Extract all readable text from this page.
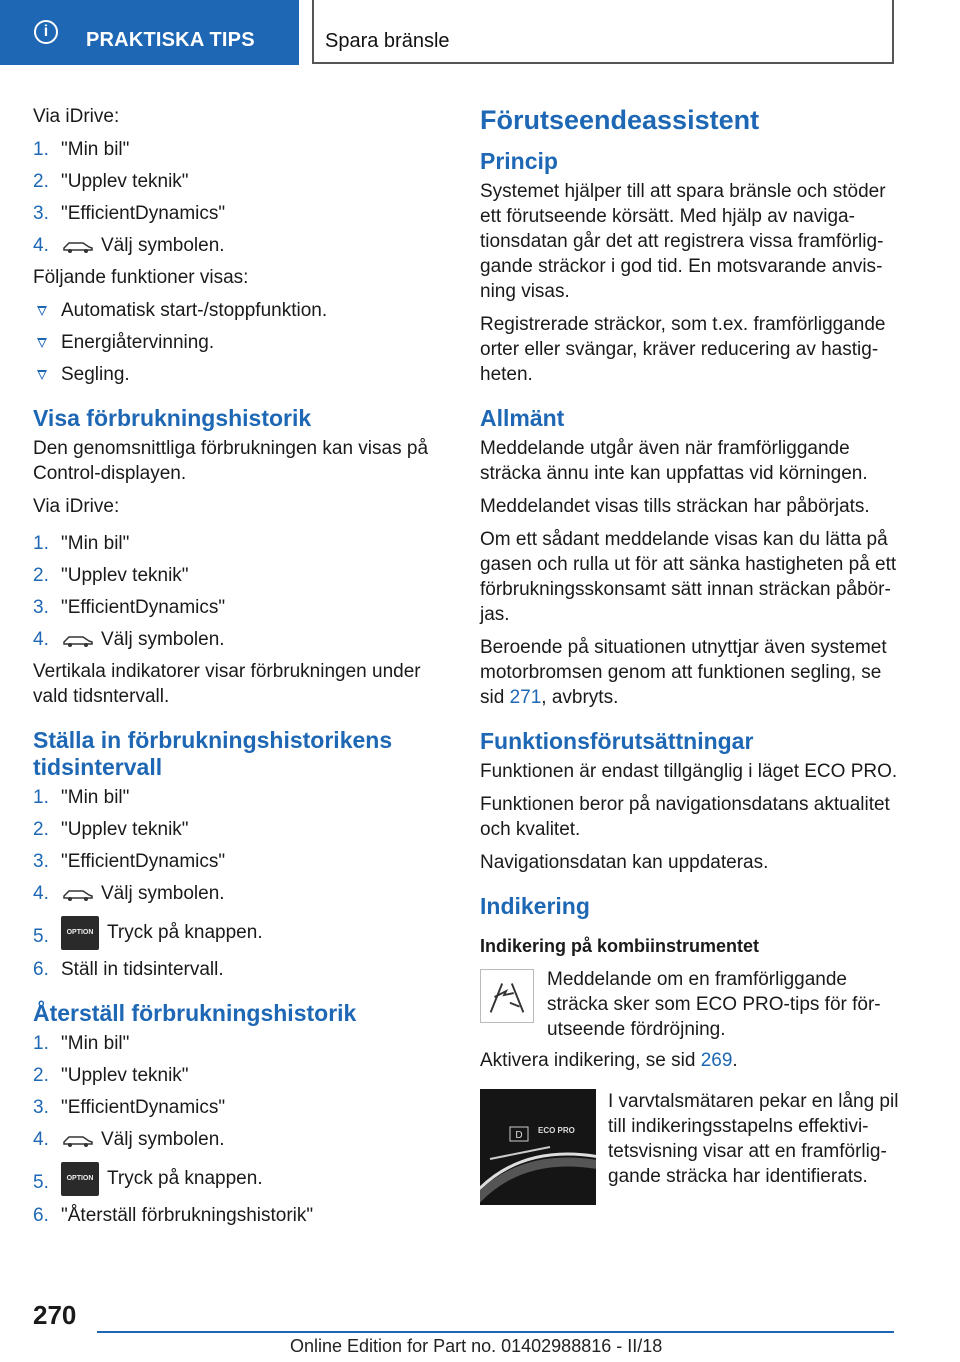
i	PRAKTISKA TIPS	Spara bränsle

Via iDrive:

1. "Min bil"
2. "Upplev teknik"
3. "EfficientDynamics"
4.	Välj symbolen.

Följande funktioner visas:

Automatisk start-/stoppfunktion.
Energiåtervinning.
Segling.
Visa förbrukningshistorik

Den genomsnittliga förbrukningen kan visas på Control-displayen.

Via iDrive:

1. "Min bil"
2. "Upplev teknik"
3. "EfficientDynamics"
4.	Välj symbolen.

Vertikala indikatorer visar förbrukningen under vald tidsntervall.

Ställa in förbrukningshistorikens tidsintervall
1. "Min bil"
2. "Upplev teknik"
3. "EfficientDynamics"
4.	Välj symbolen.
5.	OPTION Tryck på knappen.
6. Ställ in tidsintervall.
Återställ förbrukningshistorik
1. "Min bil"
2. "Upplev teknik"
3. "EfficientDynamics"
4.	Välj symbolen.
5.	OPTION Tryck på knappen.
6. "Återställ förbrukningshistorik"
Förutseendeassistent
Princip

Systemet hjälper till att spara bränsle och stöder ett förutseende körsätt. Med hjälp av navigationsdatan går det att registrera vissa framförliggande sträckor i god tid. En motsvarande anvisning visas.

Registrerade sträckor, som t.ex. framförliggande orter eller svängar, kräver reducering av hastigheten.

Allmänt

Meddelande utgår även när framförliggande sträcka ännu inte kan uppfattas vid körningen.

Meddelandet visas tills sträckan har påbörjats.

Om ett sådant meddelande visas kan du lätta på gasen och rulla ut för att sänka hastigheten på ett förbrukningsskonsamt sätt innan sträckan påbörjas.

Beroende på situationen utnyttjar även systemet motorbromsen genom att funktionen segling, se sid 271, avbryts.

Funktionsförutsättningar

Funktionen är endast tillgänglig i läget ECO PRO.

Funktionen beror på navigationsdatans aktualitet och kvalitet.

Navigationsdatan kan uppdateras.

Indikering
Indikering på kombiinstrumentet

Meddelande om en framförliggande sträcka sker som ECO PRO-tips för förutseende fördröjning.

Aktivera indikering, se sid 269.

D ECO PRO

I varvtalsmätaren pekar en lång pil till indikeringsstapelns effektivitetsvisning visar att en framförliggande sträcka har identifierats.

270
Online Edition for Part no. 01402988816 - II/18
